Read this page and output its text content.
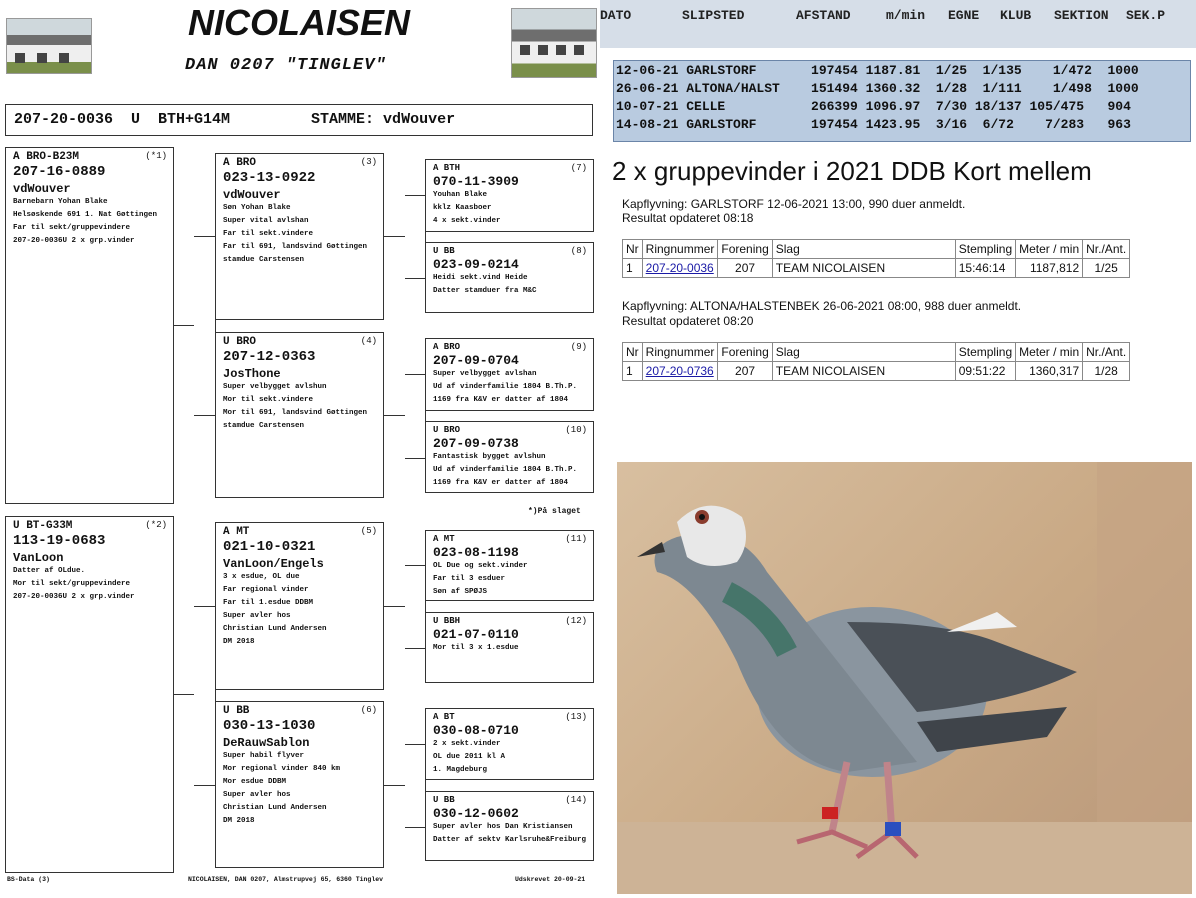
NICOLAISEN
DAN 0207 "TINGLEV"
207-20-0036  U  BTH+G14M         STAMME: vdWouver
A BRO-B23M	(*1)
207-16-0889
vdWouver
Barnebarn Yohan Blake
Helsøskende 691 1. Nat Gøttingen
Far til sekt/gruppevindere
207-20-0036U 2 x grp.vinder
U BT-G33M	(*2)
113-19-0683
VanLoon
Datter af OLdue.
Mor til sekt/gruppevindere
207-20-0036U 2 x grp.vinder
A BRO	(3)
023-13-0922
vdWouver
Søn Yohan Blake
Super vital avlshan
Far til sekt.vindere
Far til 691, landsvind Gøttingen
stamdue Carstensen
U BRO	(4)
207-12-0363
JosThone
Super velbygget avlshun
Mor til sekt.vindere
Mor til 691, landsvind Gøttingen
stamdue Carstensen
A MT	(5)
021-10-0321
VanLoon/Engels
3 x esdue, OL due
Far regional vinder
Far til 1.esdue DDBM
Super avler hos
Christian Lund Andersen
DM 2018
U BB	(6)
030-13-1030
DeRauwSablon
Super habil flyver
Mor regional vinder 840 km
Mor esdue DDBM
Super avler hos
Christian Lund Andersen
DM 2018
A BTH	(7)
070-11-3909
Youhan Blake
kklz Kaasboer
4 x sekt.vinder
U BB	(8)
023-09-0214
Heidi sekt.vind Heide
Datter stamduer fra M&C
A BRO	(9)
207-09-0704
Super velbygget avlshan
Ud af vinderfamilie 1804 B.Th.P.
1169 fra K&V er datter af 1804
U BRO	(10)
207-09-0738
Fantastisk bygget avlshun
Ud af vinderfamilie 1804 B.Th.P.
1169 fra K&V er datter af 1804
A MT	(11)
023-08-1198
OL Due og sekt.vinder
Far til 3 esduer
Søn af SPØJS
U BBH	(12)
021-07-0110
Mor til 3 x 1.esdue
A BT	(13)
030-08-0710
2 x sekt.vinder
OL due 2011 kl A
1. Magdeburg
U BB	(14)
030-12-0602
Super avler hos Dan Kristiansen
Datter af sektv Karlsruhe&Freiburg
*)På slaget
BS-Data (3)	NICOLAISEN, DAN 0207, Almstrupvej 65, 6360 Tinglev	Udskrevet 20-09-21
DATO	SLIPSTED	AFSTAND	m/min EGNE KLUB SEKTION SEK.P
12-06-21 GARLSTORF       197454 1187.81  1/25  1/135    1/472  1000
26-06-21 ALTONA/HALST    151494 1360.32  1/28  1/111    1/498  1000
10-07-21 CELLE           266399 1096.97  7/30 18/137 105/475   904
14-08-21 GARLSTORF       197454 1423.95  3/16  6/72    7/283   963
2 x gruppevinder i 2021 DDB Kort mellem
Kapflyvning: GARLSTORF 12-06-2021 13:00, 990 duer anmeldt.
Resultat opdateret 08:18
Nr	Ringnummer	Forening	Slag	Stempling	Meter / min	Nr./Ant.
1	207-20-0036	207	TEAM NICOLAISEN	15:46:14	1187,812	1/25
Kapflyvning: ALTONA/HALSTENBEK 26-06-2021 08:00, 988 duer anmeldt.
Resultat opdateret 08:20
Nr	Ringnummer	Forening	Slag	Stempling	Meter / min	Nr./Ant.
1	207-20-0736	207	TEAM NICOLAISEN	09:51:22	1360,317	1/28
